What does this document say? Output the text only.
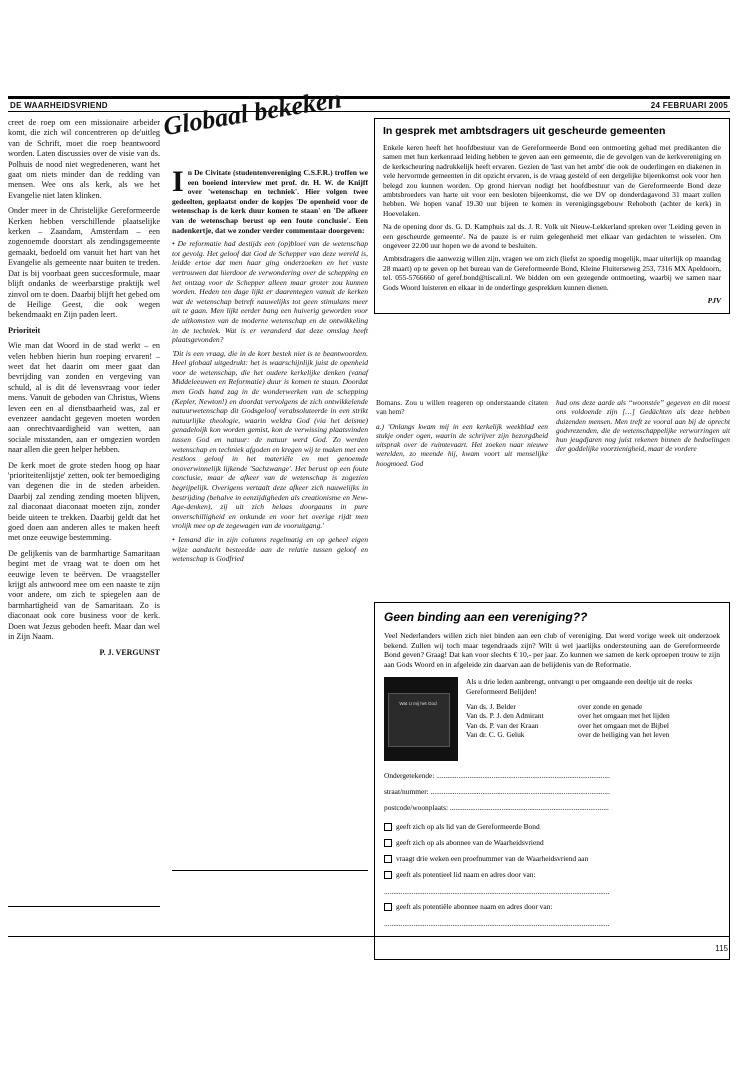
DE WAARHEIDSVRIEND	24 FEBRUARI 2005

creet de roep om een missionaire arbeider komt, die zich wil concentreren op de'uitleg van de Schrift, moet die roep beantwoord worden. Laten discussies over de visie van ds. Polhuis de nood niet wegredeneren, want het gaat om niets minder dan de redding van mensen. Wee ons als kerk, als we het Evangelie niet laten klinken.

Onder meer in de Christelijke Gereformeerde Kerken hebben verschillende plaatselijke kerken – Zaandam, Amsterdam – een zogenoemde doorstart als zendingsgemeente gemaakt, bedoeld om vanuit het hart van het Evangelie als gemeente naar buiten te treden. Dat is bij voorbaat geen succesformule, maar blijft ondanks de weerbarstige praktijk wel zinvol om te doen. Daarbij blijft het gebed om de Heilige Geest, die ook wegen bekendmaakt en Zijn paden leert.

Prioriteit

Wie man dat Woord in de stad werkt – en velen hebben hierin hun roeping ervaren! – weet dat het daarin om meer gaat dan bevrijding van zonden en vergeving van schuld, al is dit dé levensvraag voor ieder mens. Vanuit de geboden van Christus, Wiens leven een en al dienstbaarheid was, zal er evenzeer aandacht gegeven moeten worden aan onrechtvaardigheid van wetten, aan sociale misstanden, aan er omgezien worden naar allen die geen helper hebben.

De kerk moet de grote steden hoog op haar 'prioriteitenlijstje' zetten, ook ter bemoediging van degenen die in de steden arbeiden. Daarbij zal zending zending moeten blijven, zal diaconaat diaconaat moeten zijn, zonder beide uiteen te trekken. Daarbij geldt dat het goed doen aan anderen alles te maken heeft met onze eeuwige bestemming.

De gelijkenis van de barmhartige Samaritaan begint met de vraag wat te doen om het eeuwige leven te beërven. De vraagsteller krijgt als antwoord mee om een naaste te zijn voor andere, om zich te spiegelen aan de barmhartigheid van de Samaritaan. Zo is diaconaat ook core business voor de kerk. Doen wat Jezus geboden heeft. Maar dan wel in Zijn Naam.

P. J. VERGUNST
Globaal bekeken

In De Civitate (studentenvereniging C.S.F.R.) troffen we een boeiend interview met prof. dr. H. W. de Knijff over 'wetenschap en techniek'. Hier volgen twee gedeelten, geplaatst onder de kopjes 'De openheid voor de wetenschap is de kerk duur komen te staan' en 'De afkeer van de wetenschap berust op een foute conclusie'. Een nadenkertje, dat we zonder verder commentaar doorgeven:

• De reformatie had destijds een (op)bloei van de wetenschap tot gevolg. Het geloof dat God de Schepper van deze wereld is, leidde ertoe dat men haar ging onderzoeken en het vaste vertrouwen dat hierdoor de verwondering over de schepping en het ontzag voor de Schepper alleen maar groter zou kunnen worden. Heden ten dage lijkt er daarentegen vanuit de kerken wat de wetenschap betreft nauwelijks tot geen stimulans meer uit te gaan. Men lijkt eerder bang een huiverig geworden voor de uitkomsten van de moderne wetenschap en de ontwikkeling in de techniek. Wat is er veranderd dat deze omslag heeft plaatsgevonden?

'Dit is een vraag, die in de kort bestek niet is te beantwoorden. Heel globaal uitgedrukt: het is waarschijnlijk juist de openheid voor de wetenschap, die het oudere kerkelijke denken (vanaf Middeleeuwen en Reformatie) duur is komen te staan. Doordat men Gods hand zag in de wonderwerken van de schepping (Kepler, Newton!) en doordat vervolgens de zich ontwikkelende natuurwetenschap dit Godsgeloof verabsoluteerde in een strikt natuurlijke theologie, waarin weldra God (via het deisme) genadeloijk kon worden gemist, kon de verwissing plaatsvinden tussen God en natuur: de natuur werd God. Zo werden wetenschap en techniek afgoden en kregen wij te maken met een restloos geloof in het materiële en met genoemde onoverwinnelijk lijkende 'Sachzwange'. Het berust op een foute conclusie, maar de afkeer van de wetenschap is zogezien begrijpelijk. Overigens vertaalt deze afkeer zich nauwelijks in bestrijding (behalve in eenzijdigheden als creationisme en New-Age-denken), zij uit zich helaas doorgaans in pure onverschilligheid en onkunde en voor het overige rijdt men vrolijk mee op de zegewagen van de vooruitgang.'

• Iemand die in zijn columns regelmatig en op geheel eigen wijze aandacht besteedde aan de relatie tussen geloof en wetenschap is Godfried

Bomans. Zou u willen reageren op onderstaande citaten van hem?

a.) 'Onlangs kwam mij in een kerkelijk weekblad een stukje onder ogen, waarin de schrijver zijn bezorgdheid uitsprak over de ruimtevaart. Het zoeken naar nieuwe werelden, zo meende hij, kwam voort uit menselijke hoogmoed. God

had ons deze aarde als “woonstée” gegeven en dit moest ons voldoende zijn […] Gedächten als deze hebben duizenden mensen. Men treft ze vooral aan bij de oprecht godvrezenden, die de wetenschappelijke verworringen uit hun jeugdjaren nog juist rekenen binnen de bedoelingen der goddelijke voorzienigheid, maar de vordere

In gesprek met ambtsdragers uit gescheurde gemeenten

Enkele keren heeft het hoofdbestuur van de Gereformeerde Bond een ontmoeting gehad met predikanten die samen met hun kerkenraad leiding hebben te geven aan een gemeente, die de gevolgen van de kerkvereniging en de kerkscheuring nadrukkelijk heeft ervaren. Gezien de 'last van het ambt' die ook de ouderlingen en diakenen in vele hervormde gemeenten in dit opzicht ervaren, is de vraag gesteld of een dergelijke bijeenkomst ook voor hen belegd zou kunnen worden. Op grond hiervan nodigt het hoofdbestuur van de Gereformeerde Bond deze ambtsbroeders van harte uit voor een besloten bijeenkomst, die we DV op donderdagavond 31 maart zullen hebben. We hopen vanaf 19.30 uur bijeen te komen in verenigingsgebouw Rehoboth (achter de kerk) in Hoevelaken.

Na de opening door ds. G. D. Kamphuis zal ds. J. R. Volk uit Nieuw-Lekkerland spreken over 'Leiding geven in een gescheurde gemeente'. Na de pauze is er ruim gelegenheid met elkaar van gedachten te wisselen. Om ongeveer 22.00 uur hopen we de avond te besluiten.

Ambtsdragers die aanwezig willen zijn, vragen we om zich (liefst zo spoedig mogelijk, maar uiterlijk op maandag 28 maart) op te geven op het bureau van de Gereformeerde Bond, Kleine Fluiterseweg 253, 7316 MX Apeldoorn, tel. 055-5766660 of geref.bond@tiscali.nl. We bidden om een gezegende ontmoeting, waarbij we samen naar Gods Woord luisteren en elkaar in de onderlinge gesprekken kunnen dienen.

PJV
Geen binding aan een vereniging??

Veel Nederlanders willen zich niet binden aan een club of vereniging. Dat werd vorige week uit onderzoek bekend. Zullen wij toch maar tegendraads zijn? Wilt ú wel jaarlijks ondersteuning aan de Gereformeerde Bond geven? Graag! Dat kan voor slechts € 10,- per jaar. Zo kunnen we samen de kerk oproepen trouw te zijn aan Gods Woord en in afgeleide zin daarvan aan de belijdenis van de Reformatie.

Wat U mij het God
Als u drie leden aanbrengt, ontvangt u per omgaande een deeltje uit de reeks Gereformeerd Belijden!
Van ds. J. Belder	over zonde en genade
Van ds. P. J. den Admirant	over het omgaan met het lijden
Van ds. P. van der Kraan	over het omgaan met de Bijbel
Van dr. C. G. Geluk	over de heiliging van het leven
Ondergetekende: ..............................................................................................
straat/nummer: .................................................................................................
postcode/woonplaats: ......................................................................................
geeft zich op als lid van de Gereformeerde Bond
geeft zich op als abonnee van de Waarheidsvriend
vraagt drie weken een proefnummer van de Waarheidsvriend aan
geeft als potentieel lid naam en adres door van:
..........................................................................................................................
geeft als potentiële abonnee naam en adres door van:
..........................................................................................................................
115
